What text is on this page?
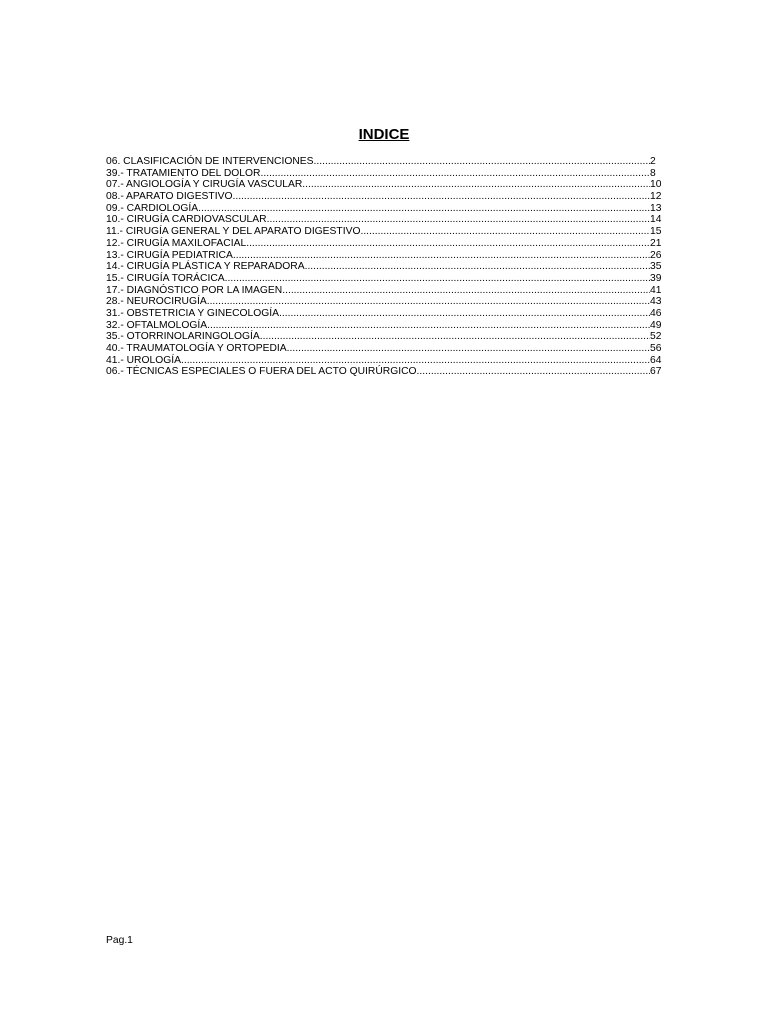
INDICE
06. CLASIFICACIÓN DE INTERVENCIONES .....	2
39.- TRATAMIENTO DEL DOLOR .....	8
07.- ANGIOLOGÍA Y CIRUGÍA VASCULAR .....	10
08.- APARATO DIGESTIVO .....	12
09.- CARDIOLOGÍA .....	13
10.- CIRUGÍA CARDIOVASCULAR .....	14
11.- CIRUGÍA GENERAL Y DEL APARATO DIGESTIVO .....	15
12.- CIRUGÍA MAXILOFACIAL .....	21
13.- CIRUGÍA PEDIATRICA .....	26
14.- CIRUGÍA PLÁSTICA Y REPARADORA .....	35
15.- CIRUGÍA TORÁCICA .....	39
17.- DIAGNÓSTICO POR LA IMAGEN .....	41
28.- NEUROCIRUGÍA .....	43
31.- OBSTETRICIA Y GINECOLOGÍA .....	46
32.- OFTALMOLOGÍA .....	49
35.- OTORRINOLARINGOLOGÍA .....	52
40.- TRAUMATOLOGÍA Y ORTOPEDIA .....	56
41.- UROLOGÍA .....	64
06.- TÉCNICAS ESPECIALES O FUERA DEL ACTO QUIRÚRGICO .....	67
Pag.1
